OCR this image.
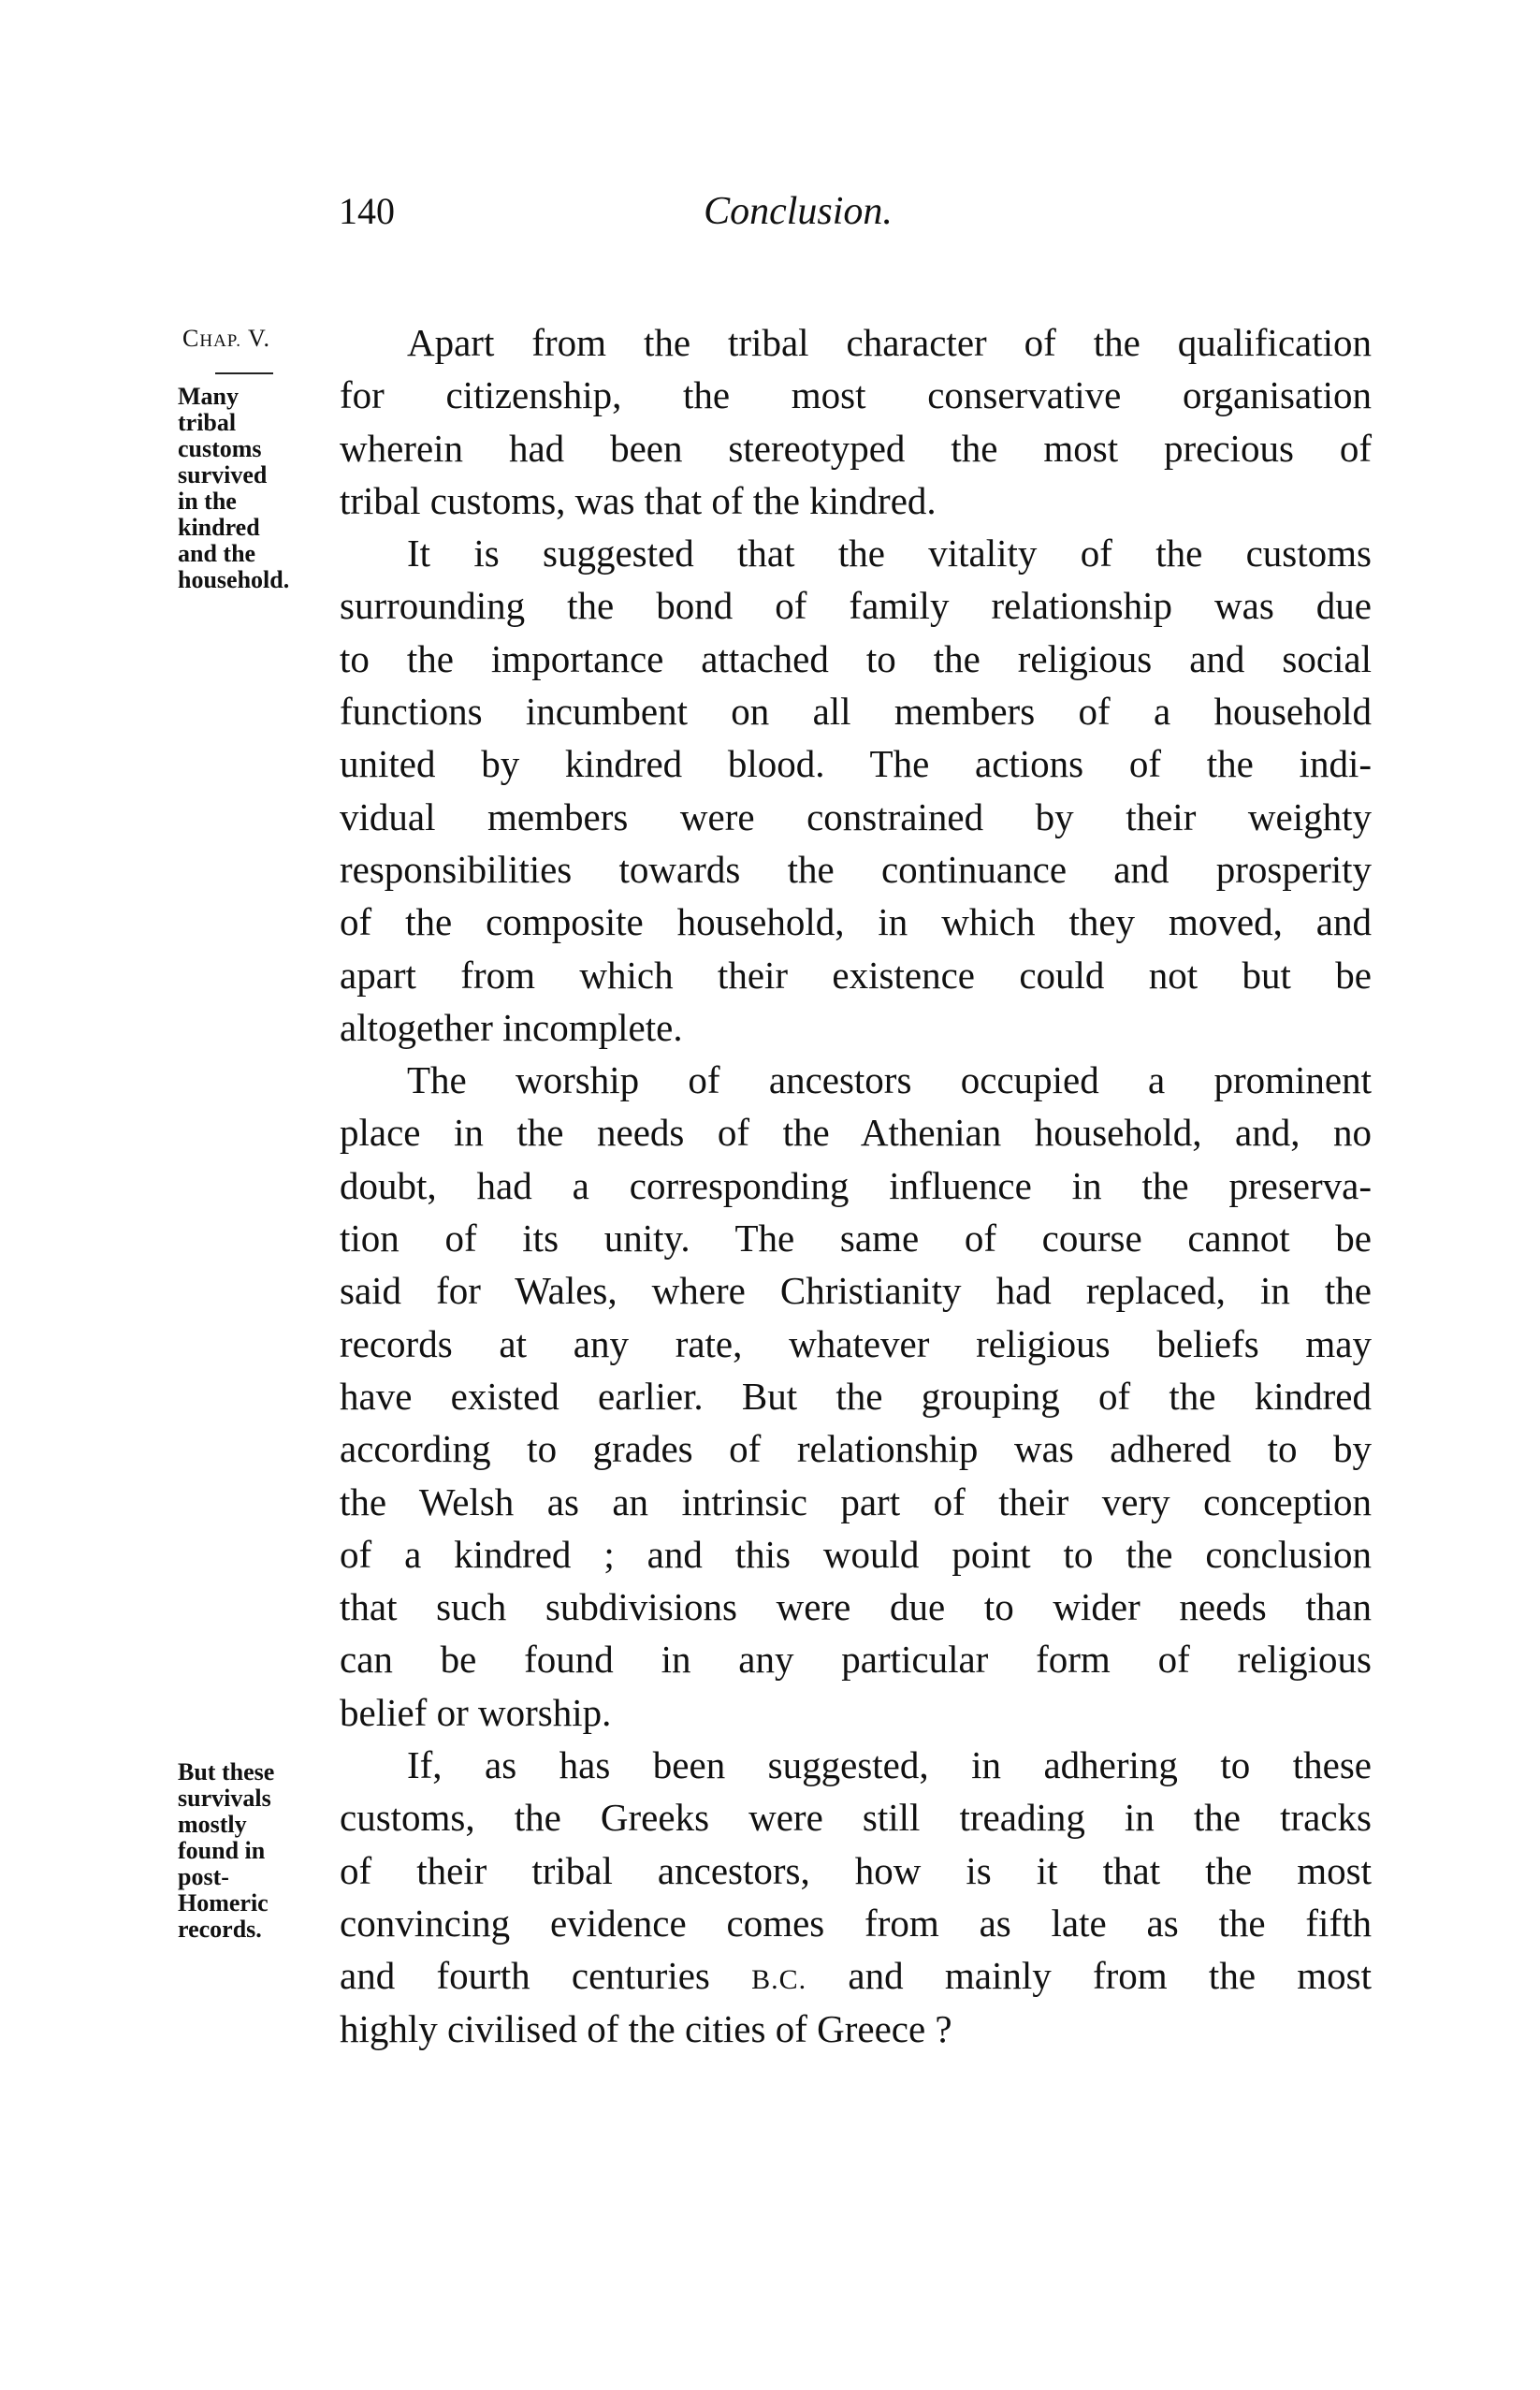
140	Conclusion.
CHAP. V.
Many
tribal
customs
survived
in the
kindred
and the
household.
But these
survivals
mostly
found in
post-
Homeric
records.
Apart from the tribal character of the qualification
for citizenship, the most conservative organisation
wherein had been stereotyped the most precious of
tribal customs, was that of the kindred.
It is suggested that the vitality of the customs
surrounding the bond of family relationship was due
to the importance attached to the religious and social
functions incumbent on all members of a household
united by kindred blood. The actions of the indi-
vidual members were constrained by their weighty
responsibilities towards the continuance and prosperity
of the composite household, in which they moved, and
apart from which their existence could not but be
altogether incomplete.
The worship of ancestors occupied a prominent
place in the needs of the Athenian household, and, no
doubt, had a corresponding influence in the preserva-
tion of its unity. The same of course cannot be
said for Wales, where Christianity had replaced, in the
records at any rate, whatever religious beliefs may
have existed earlier. But the grouping of the kindred
according to grades of relationship was adhered to by
the Welsh as an intrinsic part of their very conception
of a kindred ; and this would point to the conclusion
that such subdivisions were due to wider needs than
can be found in any particular form of religious
belief or worship.
If, as has been suggested, in adhering to these
customs, the Greeks were still treading in the tracks
of their tribal ancestors, how is it that the most
convincing evidence comes from as late as the fifth
and fourth centuries B.C. and mainly from the most
highly civilised of the cities of Greece ?
